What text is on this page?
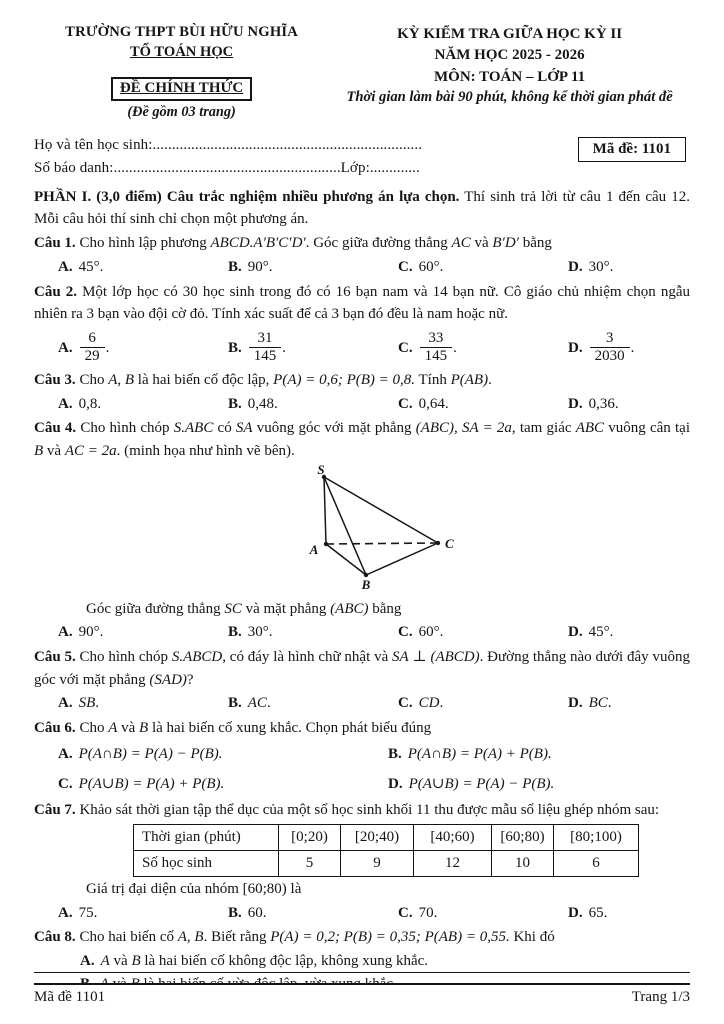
TRƯỜNG THPT BÙI HỮU NGHĨA
TỔ TOÁN HỌC
ĐỀ CHÍNH THỨC
(Đề gồm 03 trang)
KỲ KIỂM TRA GIỮA HỌC KỲ II
NĂM HỌC 2025 - 2026
MÔN: TOÁN – LỚP 11
Thời gian làm bài 90 phút, không kể thời gian phát đề
Họ và tên học sinh:......................................................................
Số báo danh:...........................................................Lớp:.............
Mã đề: 1101
PHẦN I. (3,0 điểm) Câu trắc nghiệm nhiều phương án lựa chọn. Thí sinh trả lời từ câu 1 đến câu 12. Mỗi câu hỏi thí sinh chỉ chọn một phương án.
Câu 1. Cho hình lập phương ABCD.A′B′C′D′. Góc giữa đường thẳng AC và B′D′ bằng
A. 45°.	B. 90°.	C. 60°.	D. 30°.
Câu 2. Một lớp học có 30 học sinh trong đó có 16 bạn nam và 14 bạn nữ. Cô giáo chủ nhiệm chọn ngẫu nhiên ra 3 bạn vào đội cờ đỏ. Tính xác suất để cả 3 bạn đó đều là nam hoặc nữ.
A. $\frac{6}{29}$ .	B. $\frac{31}{145}$ .	C. $\frac{33}{145}$ .	D. $\frac{3}{2030}$ .
Câu 3. Cho A, B là hai biến cố độc lập, P(A) = 0,6; P(B) = 0,8. Tính P(AB).
A. 0,8.	B. 0,48.	C. 0,64.	D. 0,36.
Câu 4. Cho hình chóp S.ABC có SA vuông góc với mặt phẳng (ABC), SA = 2a, tam giác ABC vuông cân tại B và AC = 2a. (minh họa như hình vẽ bên).
S
A
B
C
Góc giữa đường thẳng SC và mặt phẳng (ABC) bằng
A. 90°.	B. 30°.	C. 60°.	D. 45°.
Câu 5. Cho hình chóp S.ABCD, có đáy là hình chữ nhật và SA ⊥ (ABCD). Đường thẳng nào dưới đây vuông góc với mặt phẳng (SAD)?
A. SB.	B. AC.	C. CD.	D. BC.
Câu 6. Cho A và B là hai biến cố xung khắc. Chọn phát biểu đúng
A. P(A∩B) = P(A) − P(B).	B. P(A∩B) = P(A) + P(B).
C. P(A∪B) = P(A) + P(B).	D. P(A∪B) = P(A) − P(B).
Câu 7. Khảo sát thời gian tập thể dục của một số học sinh khối 11 thu được mẫu số liệu ghép nhóm sau:
Thời gian (phút)	[0;20)	[20;40)	[40;60)	[60;80)	[80;100)
Số học sinh	5	9	12	10	6
Giá trị đại diện của nhóm [60;80) là
A. 75.	B. 60.	C. 70.	D. 65.
Câu 8. Cho hai biến cố A, B. Biết rằng P(A) = 0,2; P(B) = 0,35; P(AB) = 0,55. Khi đó
A. A và B là hai biến cố không độc lập, không xung khắc.
Mã đề 1101	Trang 1/3
